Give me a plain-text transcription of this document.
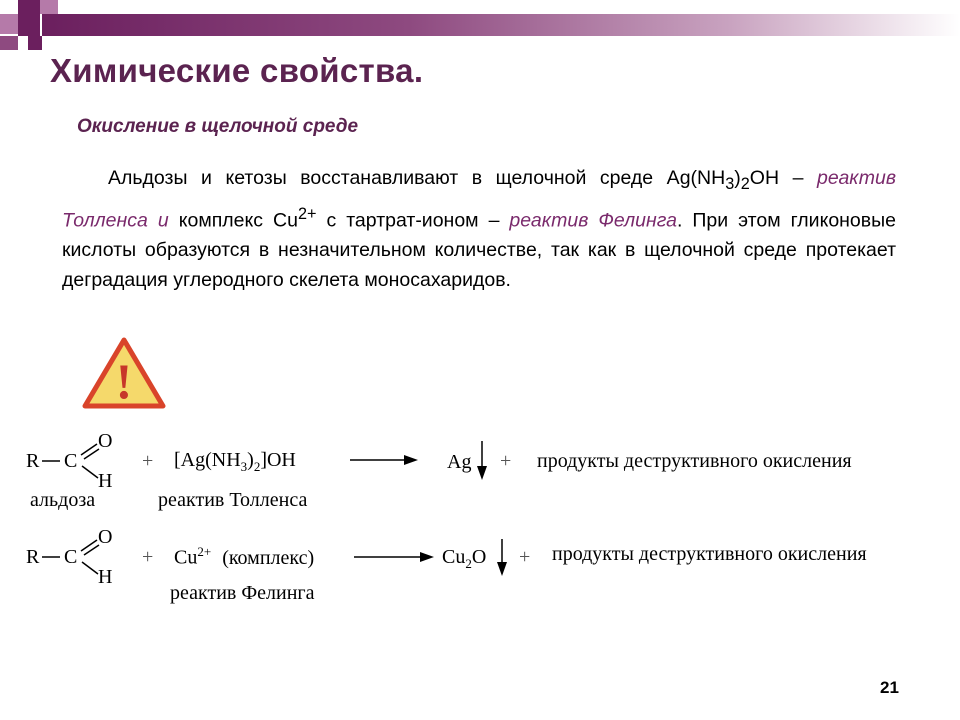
Химические свойства.
Окисление в щелочной среде
Альдозы и кетозы восстанавливают в щелочной среде $Ag(NH_3)_2OH$ – реактив Толленса и комплекс $Cu^{2+}$ с тартрат-ионом – реактив Фелинга. При этом гликоновые кислоты образуются в незначительном количестве, так как в щелочной среде протекает деградация углеродного скелета моносахаридов.
!
R C
O
H
+ $[Ag(NH_3)_2]OH$	Ag + продукты деструктивного окисления
альдоза	реактив Толленса
R C
O
H
+ $Cu^{2+}$ (комплекс)	$Cu_2O$ + продукты деструктивного окисления
реактив Фелинга
21
